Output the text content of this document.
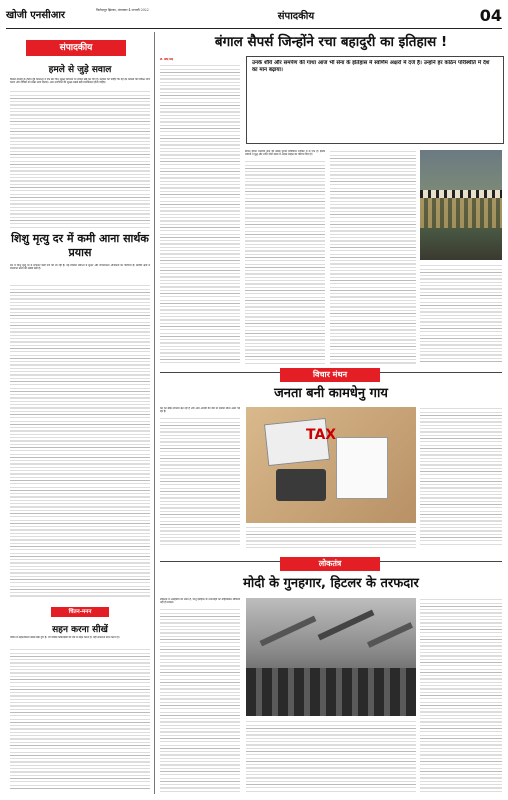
खोजी एनसीआर	फिरोज़पुर झिरका, मंगलवार 4 जनवरी 2022
संपादकीय	04
संपादकीय
हमले से जुड़े सवाल
पिछले सप्ताह के दौरान हुई घटनाओं ने एक बार फिर सुरक्षा व्यवस्था पर सवाल खड़े कर दिए हैं। सरकार को चाहिए कि वह इन मामलों की निष्पक्ष जांच कराए और दोषियों को सख्त सजा दिलाए। आम नागरिकों की सुरक्षा सबसे बड़ी प्राथमिकता होनी चाहिए।
शिशु मृत्यु दर में कमी आना सार्थक प्रयास
देश में शिशु मृत्यु दर में लगातार कमी दर्ज की जा रही है। यह स्वास्थ्य सेवाओं में सुधार और जागरूकता अभियानों का परिणाम है। ग्रामीण क्षेत्रों में संस्थागत प्रसव की संख्या बढ़ी है।
चिंतन-मनन
सहन करना सीखें
जीवन में सहनशीलता सबसे बड़ा गुण है। जो व्यक्ति कठिनाइयों को धैर्य से सहन करता है, वही सफलता प्राप्त करता है।
बंगाल सैपर्स जिन्होंने रचा बहादुरी का इतिहास !
डॉ. रवींद्र सिंह
बंगाल सैपर्स भारतीय सेना की सबसे पुरानी इंजीनियर रेजीमेंट में से एक है। इसके जवानों ने युद्ध और शांति दोनों समय में अदम्य साहस का परिचय दिया है।
उनके शौर्य और समर्पण की गाथा आज भी सेना के इतिहास में स्वर्णिम अक्षरों में दर्ज है। उन्होंने हर कठिन परिस्थिति में देश का मान बढ़ाया।
विचार मंथन
जनता बनी कामधेनु गाय
कर का बोझ लगातार बढ़ रहा है और आम आदमी की जेब पर इसका सीधा असर पड़ रहा है।
TAX
लोकतंत्र
मोदी के गुनहगार, हिटलर के तरफदार
लोकतंत्र में असहमति का स्थान है, परंतु इतिहास के तानाशाहों का महिमामंडन स्वीकार्य नहीं हो सकता।
